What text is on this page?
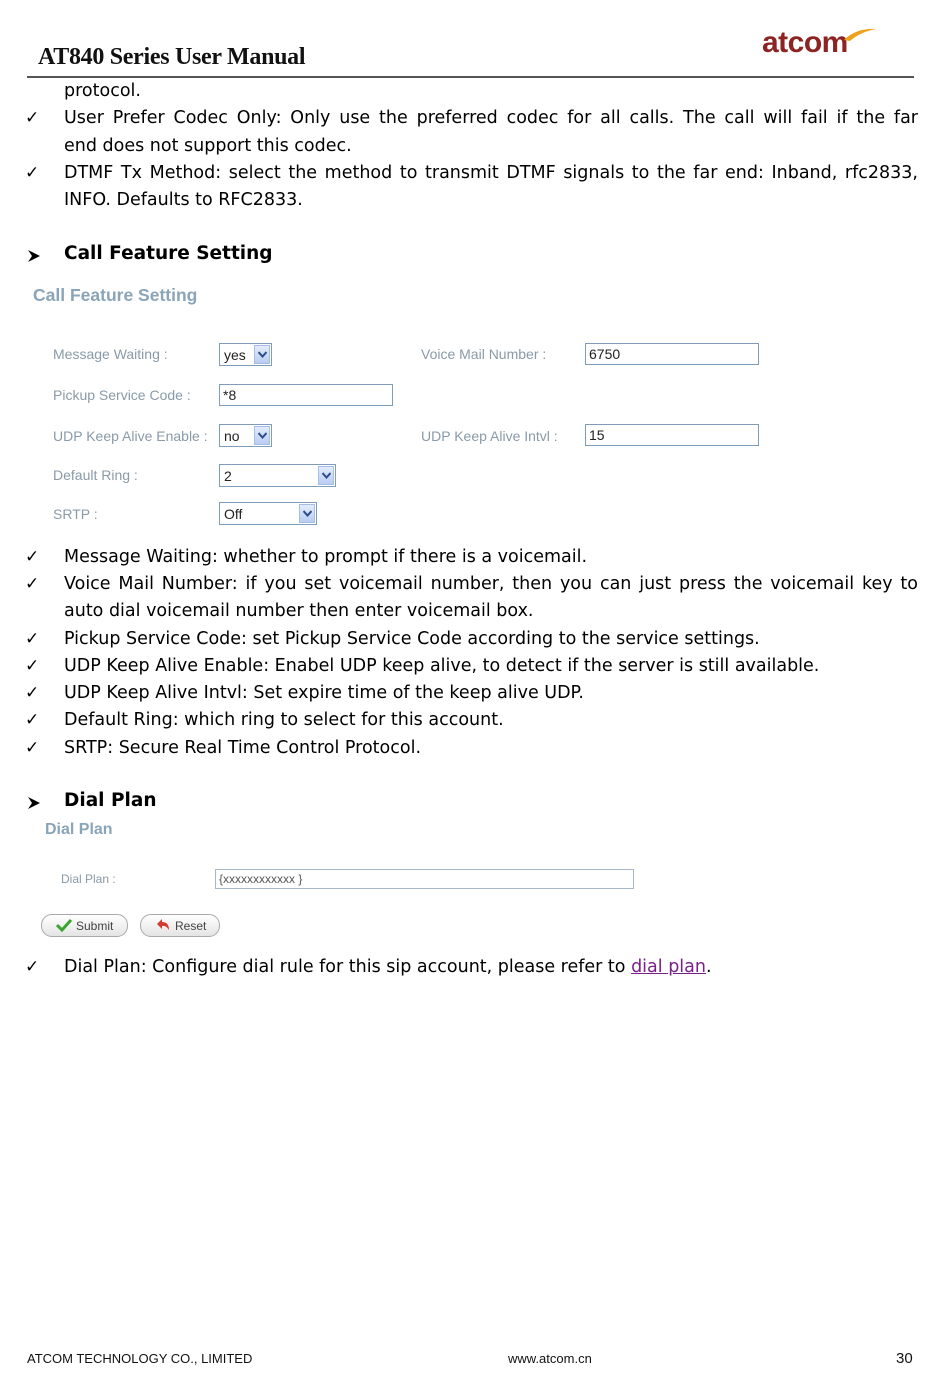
AT840 Series User Manual	atcom
protocol.
✓ User Prefer Codec Only: Only use the preferred codec for all calls. The call will fail if the far
end does not support this codec.
✓ DTMF Tx Method: select the method to transmit DTMF signals to the far end: Inband, rfc2833,
INFO. Defaults to RFC2833.
Call Feature Setting
Call Feature Setting
Message Waiting :	yes	Voice Mail Number :	6750
Pickup Service Code : *8
UDP Keep Alive Enable : no	UDP Keep Alive Intvl : 15
Default Ring :	2
SRTP :	Off
✓ Message Waiting: whether to prompt if there is a voicemail.
✓ Voice Mail Number: if you set voicemail number, then you can just press the voicemail key to
auto dial voicemail number then enter voicemail box.
✓ Pickup Service Code: set Pickup Service Code according to the service settings.
✓ UDP Keep Alive Enable: Enabel UDP keep alive, to detect if the server is still available.
✓ UDP Keep Alive Intvl: Set expire time of the keep alive UDP.
✓ Default Ring: which ring to select for this account.
✓ SRTP: Secure Real Time Control Protocol.
Dial Plan
Dial Plan
Dial Plan :	{xxxxxxxxxxxx }
Submit	Reset
✓ Dial Plan: Configure dial rule for this sip account, please refer to dial plan.
ATCOM TECHNOLOGY CO., LIMITED	www.atcom.cn	30
